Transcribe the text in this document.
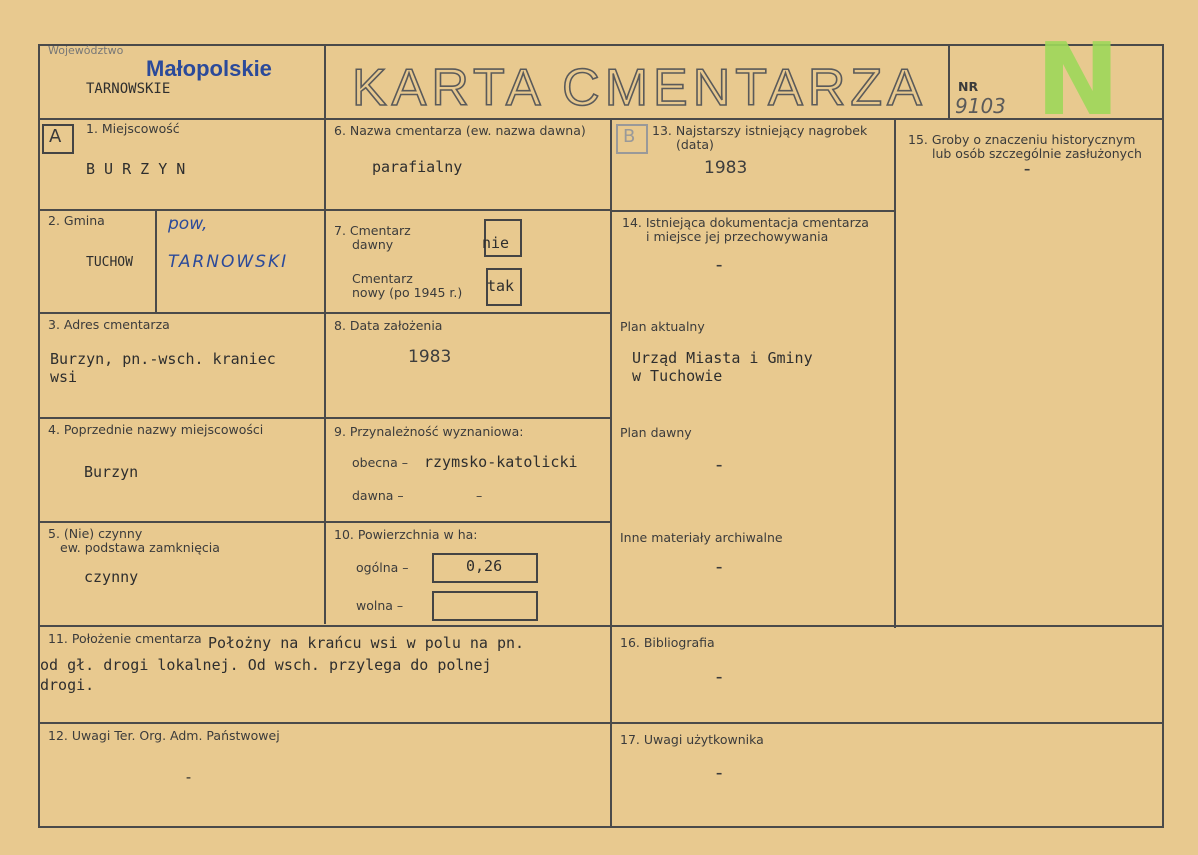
Województwo
Małopolskie
TARNOWSKIE	KARTA CMENTARZA NR
9103 N
A	B
1. Miejscowość
B U R Z Y N
2. Gmina
TUCHOW
pow,
TARNOWSKI
3. Adres cmentarza
Burzyn, pn.-wsch. kraniec
wsi
4. Poprzednie nazwy miejscowości
Burzyn
5. (Nie) czynny
ew. podstawa zamknięcia
czynny
6. Nazwa cmentarza (ew. nazwa dawna)
parafialny
7. Cmentarz
dawny	nie
Cmentarz
nowy (po 1945 r.) tak
8. Data założenia
1983
9. Przynależność wyznaniowa:
obecna – rzymsko-katolicki
dawna –	–
10. Powierzchnia w ha:
ogólna –	0,26
wolna –
11. Położenie cmentarza Położny na krańcu wsi w polu na pn.
od gł. drogi lokalnej. Od wsch. przylega do polnej
drogi.
12. Uwagi Ter. Org. Adm. Państwowej
‑
13. Najstarszy istniejący nagrobek
(data)
1983
14. Istniejąca dokumentacja cmentarza
i miejsce jej przechowywania
–
Plan aktualny
Urząd Miasta i Gminy
w Tuchowie
Plan dawny
–
Inne materiały archiwalne
–
15. Groby o znaczeniu historycznym
lub osób szczególnie zasłużonych
–
16. Bibliografia
–
17. Uwagi użytkownika
–
